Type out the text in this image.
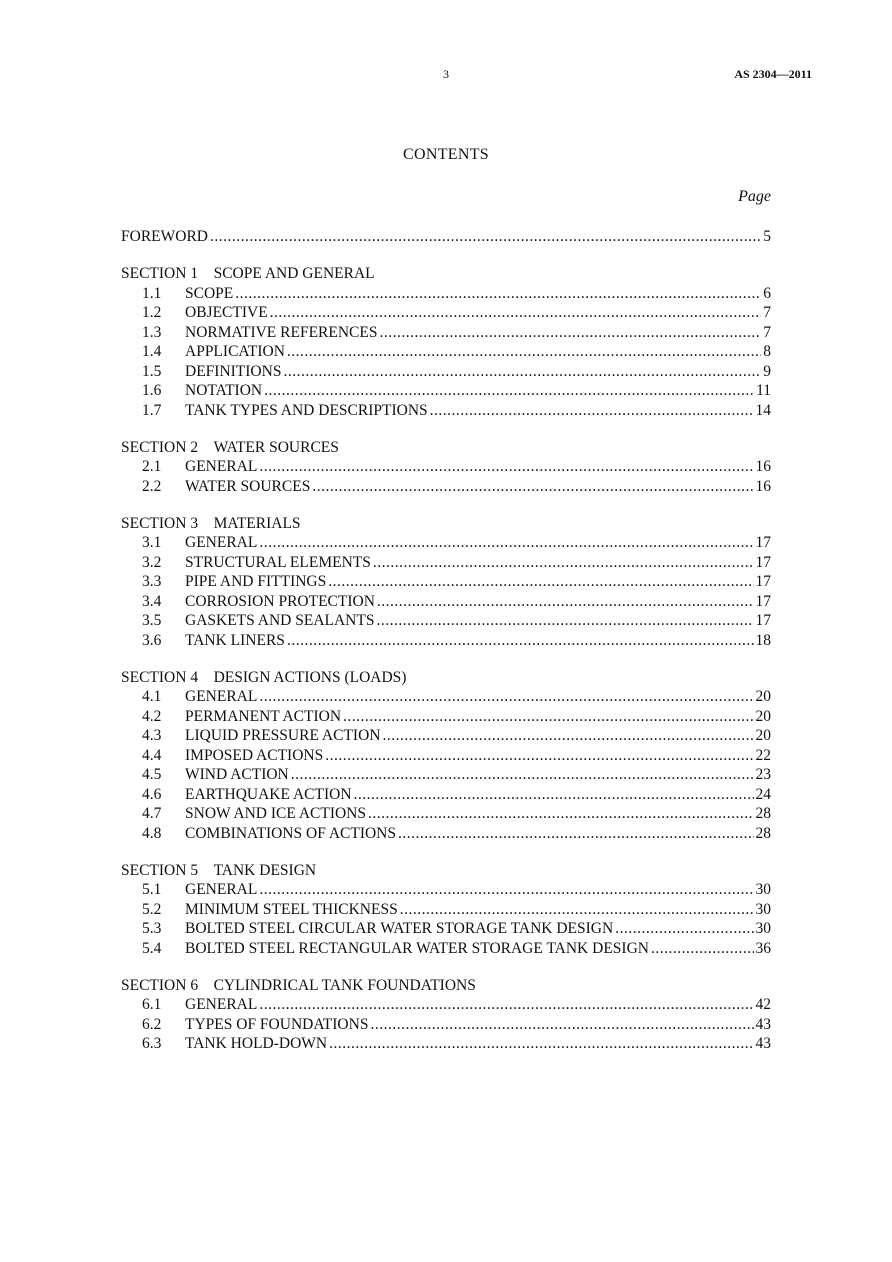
3	AS 2304—2011
CONTENTS
Page
FOREWORD .....	5
SECTION 1 SCOPE AND GENERAL
1.1	SCOPE .....	6
1.2	OBJECTIVE .....	7
1.3	NORMATIVE REFERENCES .....	7
1.4	APPLICATION .....	8
1.5	DEFINITIONS .....	9
1.6	NOTATION .....	11
1.7	TANK TYPES AND DESCRIPTIONS .....	14
SECTION 2 WATER SOURCES
2.1	GENERAL .....	16
2.2	WATER SOURCES .....	16
SECTION 3 MATERIALS
3.1	GENERAL .....	17
3.2	STRUCTURAL ELEMENTS .....	17
3.3	PIPE AND FITTINGS .....	17
3.4	CORROSION PROTECTION .....	17
3.5	GASKETS AND SEALANTS .....	17
3.6	TANK LINERS .....	18
SECTION 4 DESIGN ACTIONS (LOADS)
4.1	GENERAL .....	20
4.2	PERMANENT ACTION .....	20
4.3	LIQUID PRESSURE ACTION .....	20
4.4	IMPOSED ACTIONS .....	22
4.5	WIND ACTION .....	23
4.6	EARTHQUAKE ACTION .....	24
4.7	SNOW AND ICE ACTIONS .....	28
4.8	COMBINATIONS OF ACTIONS .....	28
SECTION 5 TANK DESIGN
5.1	GENERAL .....	30
5.2	MINIMUM STEEL THICKNESS .....	30
5.3	BOLTED STEEL CIRCULAR WATER STORAGE TANK DESIGN .....	30
5.4	BOLTED STEEL RECTANGULAR WATER STORAGE TANK DESIGN .....	36
SECTION 6 CYLINDRICAL TANK FOUNDATIONS
6.1	GENERAL .....	42
6.2	TYPES OF FOUNDATIONS .....	43
6.3	TANK HOLD-DOWN .....	43
